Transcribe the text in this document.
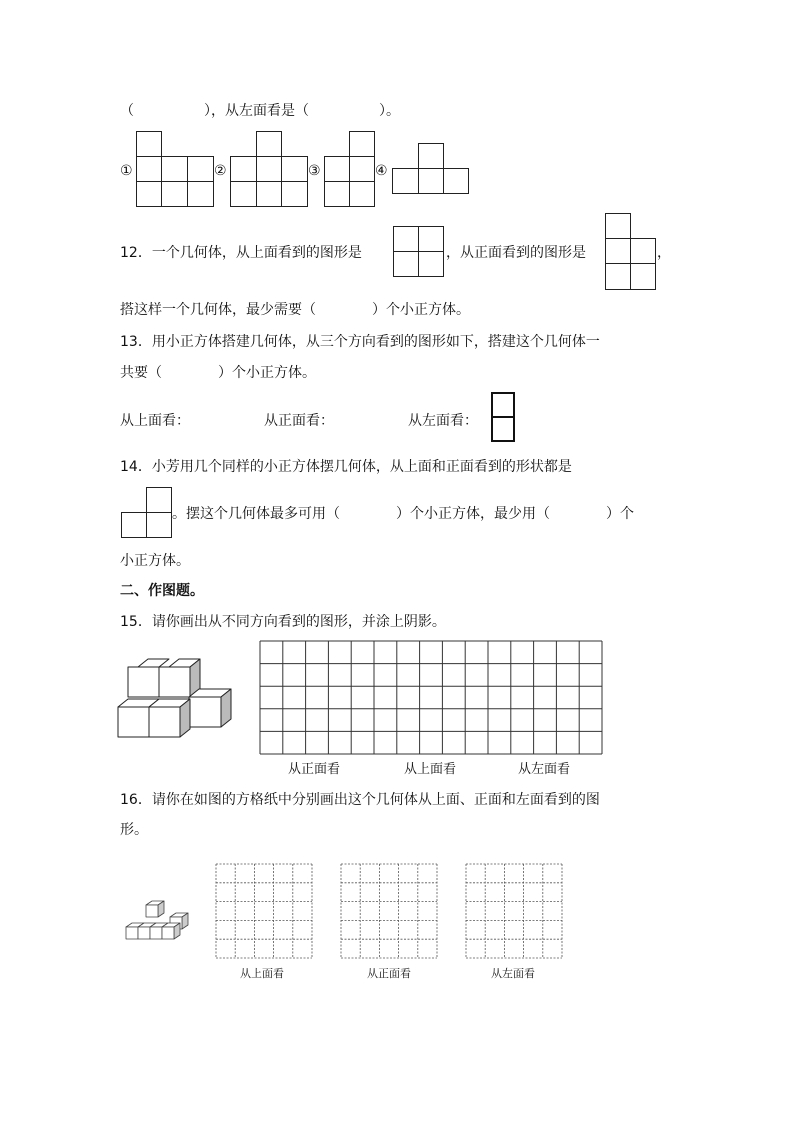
（　　　　　），从左面看是（　　　　　）。
①	②	③	④
12．一个几何体，从上面看到的图形是	，从正面看到的图形是	，
搭这样一个几何体，最少需要（　　　　）个小正方体。
13．用小正方体搭建几何体，从三个方向看到的图形如下，搭建这个几何体一
共要（　　　　）个小正方体。
从上面看：	从正面看：	从左面看：
14．小芳用几个同样的小正方体摆几何体，从上面和正面看到的形状都是
。摆这个几何体最多可用（　　　　）个小正方体，最少用（　　　　）个
小正方体。
二、作图题。
15．请你画出从不同方向看到的图形，并涂上阴影。
从正面看	从上面看	从左面看
16．请你在如图的方格纸中分别画出这个几何体从上面、正面和左面看到的图
形。
从上面看	从正面看	从左面看
